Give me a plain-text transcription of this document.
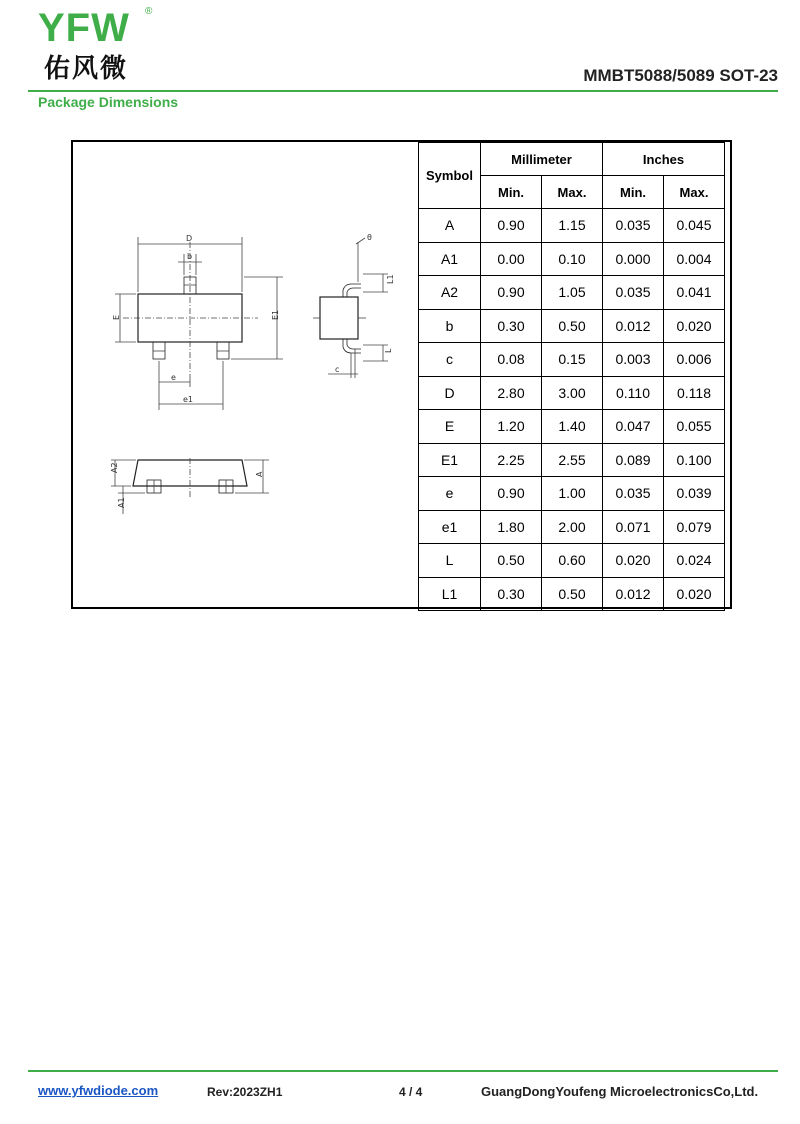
YFW ®
佑风微	MMBT5088/5089 SOT-23
Package Dimensions
D
b
E	E1
e
e1
θ
L1
L
c
A2
A
A1
Symbol	Millimeter		Inches	
	Min.	Max.	Min.	Max.
A	0.90	1.15	0.035	0.045
A1	0.00	0.10	0.000	0.004
A2	0.90	1.05	0.035	0.041
b	0.30	0.50	0.012	0.020
c	0.08	0.15	0.003	0.006
D	2.80	3.00	0.110	0.118
E	1.20	1.40	0.047	0.055
E1	2.25	2.55	0.089	0.100
e	0.90	1.00	0.035	0.039
e1	1.80	2.00	0.071	0.079
L	0.50	0.60	0.020	0.024
L1	0.30	0.50	0.012	0.020
www.yfwdiode.com	Rev:2023ZH1	4 / 4	GuangDongYoufeng MicroelectronicsCo,Ltd.
